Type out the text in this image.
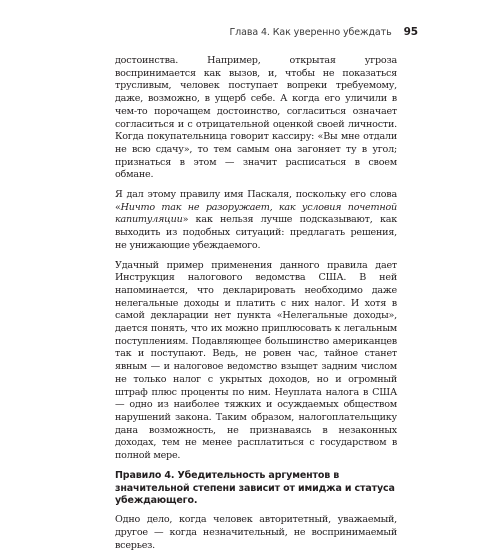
Глава 4. Как уверенно убеждать 95

достоинства. Например, открытая угроза воспринимается как вызов, и, чтобы не показаться трусливым, человек поступает вопреки требуемому, даже, возможно, в ущерб себе. А когда его уличили в чем-то порочащем достоинство, согласиться означает согласиться и с отрицательной оценкой своей личности. Когда покупательница говорит кассиру: «Вы мне отдали не всю сдачу», то тем самым она загоняет ту в угол; признаться в этом — значит расписаться в своем обмане.

Я дал этому правилу имя Паскаля, поскольку его слова «Ничто так не разоружает, как условия почетной капитуляции» как нельзя лучше подсказывают, как выходить из подобных ситуаций: предлагать решения, не унижающие убеждаемого.

Удачный пример применения данного правила дает Инструкция налогового ведомства США. В ней напоминается, что декларировать необходимо даже нелегальные доходы и платить с них налог. И хотя в самой декларации нет пункта «Нелегальные доходы», дается понять, что их можно приплюсовать к легальным поступлениям. Подавляющее большинство американцев так и поступают. Ведь, не ровен час, тайное станет явным — и налоговое ведомство взыщет задним числом не только налог с укрытых доходов, но и огромный штраф плюс проценты по ним. Неуплата налога в США — одно из наиболее тяжких и осуждаемых обществом нарушений закона. Таким образом, налогоплательщику дана возможность, не признаваясь в незаконных доходах, тем не менее расплатиться с государством в полной мере.

Правило 4. Убедительность аргументов в значительной степени зависит от имиджа и статуса убеждающего.

Одно дело, когда человек авторитетный, уважаемый, другое — когда незначительный, не воспринимаемый всерьез.
